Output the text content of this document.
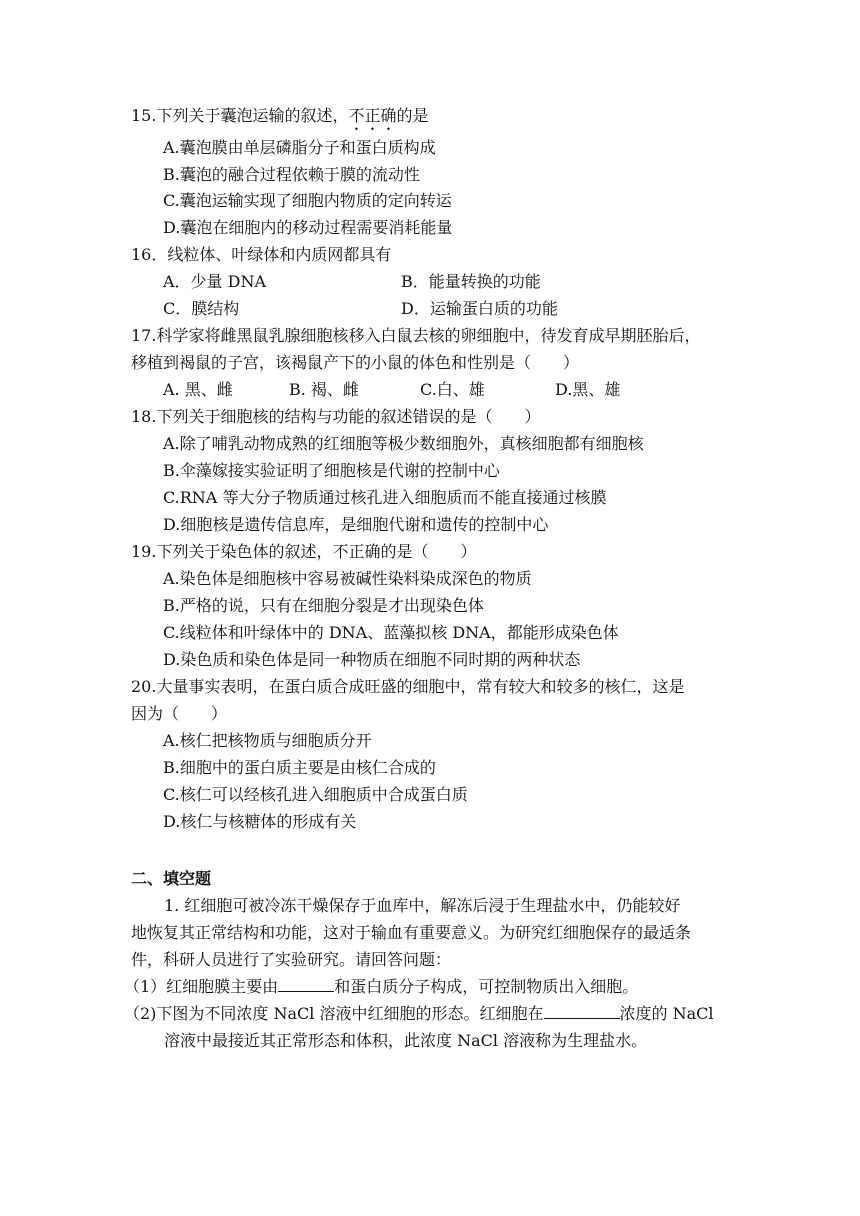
15.下列关于囊泡运输的叙述，不正确的是
A.囊泡膜由单层磷脂分子和蛋白质构成
B.囊泡的融合过程依赖于膜的流动性
C.囊泡运输实现了细胞内物质的定向转运
D.囊泡在细胞内的移动过程需要消耗能量
16．线粒体、叶绿体和内质网都具有
A．少量 DNA	B．能量转换的功能
C．膜结构	D．运输蛋白质的功能
17.科学家将雌黑鼠乳腺细胞核移入白鼠去核的卵细胞中，待发育成早期胚胎后，
移植到褐鼠的子宫，该褐鼠产下的小鼠的体色和性别是（　　）
A. 黑、雌	B. 褐、雌	C.白、雄	D.黑、雄
18.下列关于细胞核的结构与功能的叙述错误的是（　　）
A.除了哺乳动物成熟的红细胞等极少数细胞外，真核细胞都有细胞核
B.伞藻嫁接实验证明了细胞核是代谢的控制中心
C.RNA 等大分子物质通过核孔进入细胞质而不能直接通过核膜
D.细胞核是遗传信息库，是细胞代谢和遗传的控制中心
19.下列关于染色体的叙述，不正确的是（　　）
A.染色体是细胞核中容易被碱性染料染成深色的物质
B.严格的说，只有在细胞分裂是才出现染色体
C.线粒体和叶绿体中的 DNA、蓝藻拟核 DNA，都能形成染色体
D.染色质和染色体是同一种物质在细胞不同时期的两种状态
20.大量事实表明，在蛋白质合成旺盛的细胞中，常有较大和较多的核仁，这是
因为（　　）
A.核仁把核物质与细胞质分开
B.细胞中的蛋白质主要是由核仁合成的
C.核仁可以经核孔进入细胞质中合成蛋白质
D.核仁与核糖体的形成有关
二、填空题
1. 红细胞可被冷冻干燥保存于血库中，解冻后浸于生理盐水中，仍能较好
地恢复其正常结构和功能，这对于输血有重要意义。为研究红细胞保存的最适条
件，科研人员进行了实验研究。请回答问题：
（1）红细胞膜主要由	和蛋白质分子构成，可控制物质出入细胞。
（2)下图为不同浓度 NaCl 溶液中红细胞的形态。红细胞在	浓度的 NaCl
溶液中最接近其正常形态和体积，此浓度 NaCl 溶液称为生理盐水。
